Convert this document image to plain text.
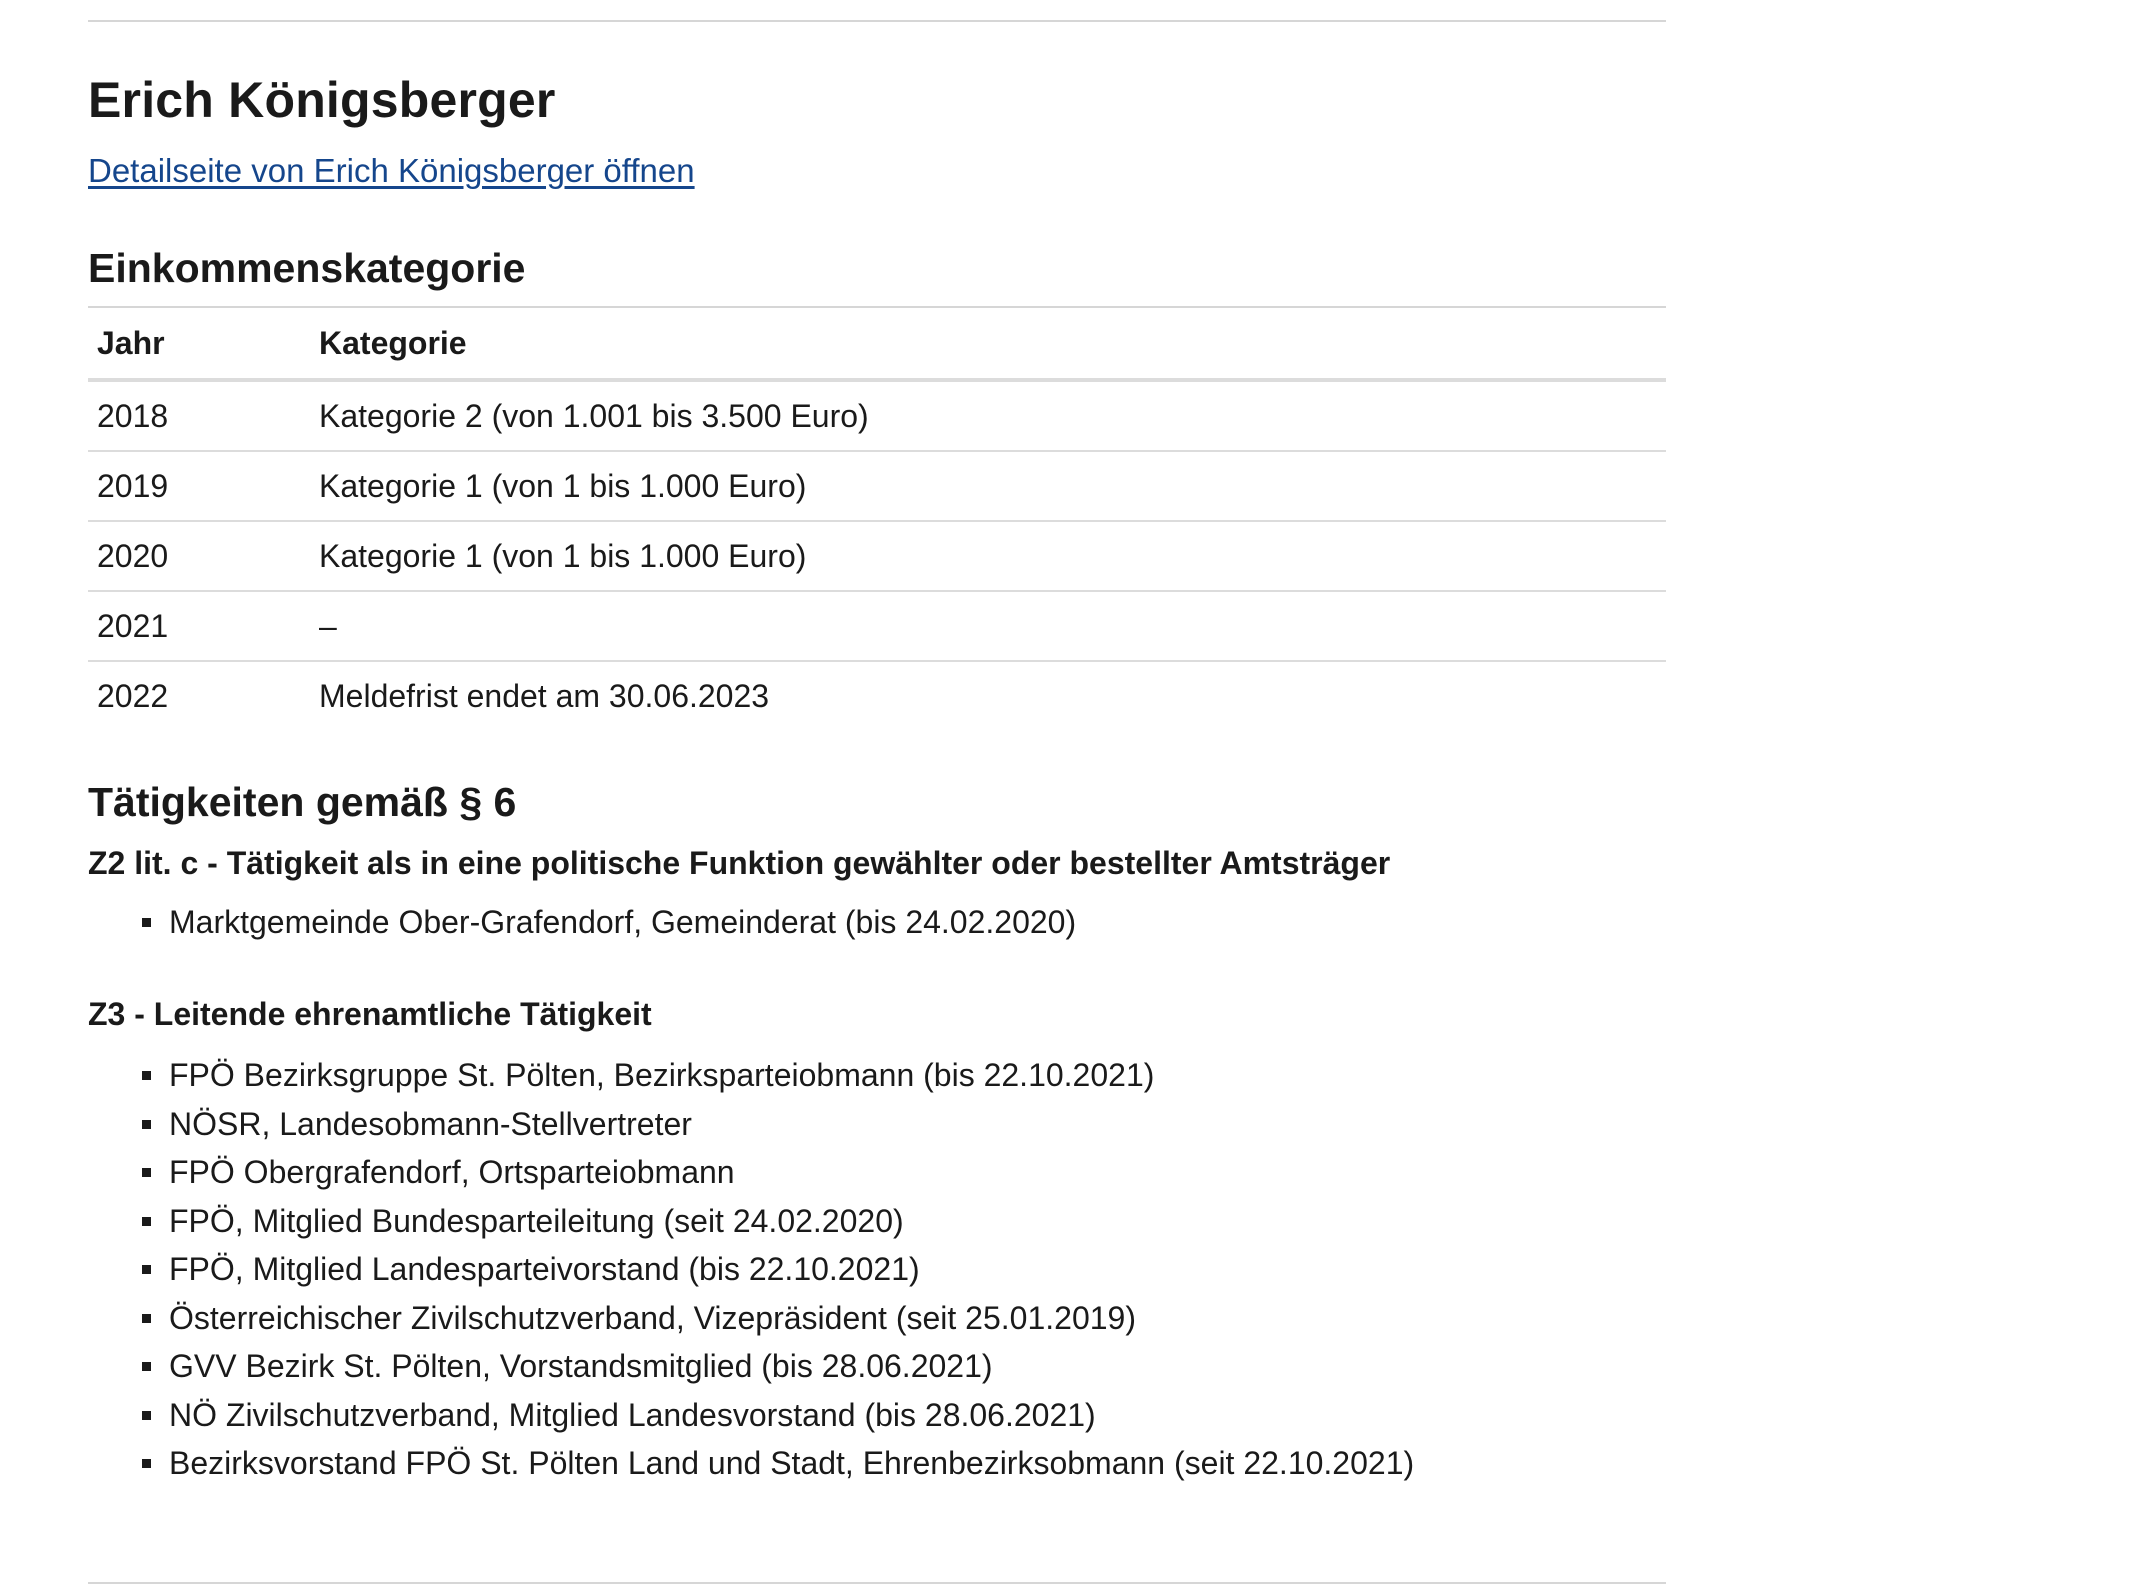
Erich Königsberger
Detailseite von Erich Königsberger öffnen
Einkommenskategorie
Jahr	Kategorie
2018	Kategorie 2 (von 1.001 bis 3.500 Euro)
2019	Kategorie 1 (von 1 bis 1.000 Euro)
2020	Kategorie 1 (von 1 bis 1.000 Euro)
2021	–
2022	Meldefrist endet am 30.06.2023
Tätigkeiten gemäß § 6
Z2 lit. c - Tätigkeit als in eine politische Funktion gewählter oder bestellter Amtsträger
Marktgemeinde Ober-Grafendorf, Gemeinderat (bis 24.02.2020)
Z3 - Leitende ehrenamtliche Tätigkeit
FPÖ Bezirksgruppe St. Pölten, Bezirksparteiobmann (bis 22.10.2021)
NÖSR, Landesobmann-Stellvertreter
FPÖ Obergrafendorf, Ortsparteiobmann
FPÖ, Mitglied Bundesparteileitung (seit 24.02.2020)
FPÖ, Mitglied Landesparteivorstand (bis 22.10.2021)
Österreichischer Zivilschutzverband, Vizepräsident (seit 25.01.2019)
GVV Bezirk St. Pölten, Vorstandsmitglied (bis 28.06.2021)
NÖ Zivilschutzverband, Mitglied Landesvorstand (bis 28.06.2021)
Bezirksvorstand FPÖ St. Pölten Land und Stadt, Ehrenbezirksobmann (seit 22.10.2021)
